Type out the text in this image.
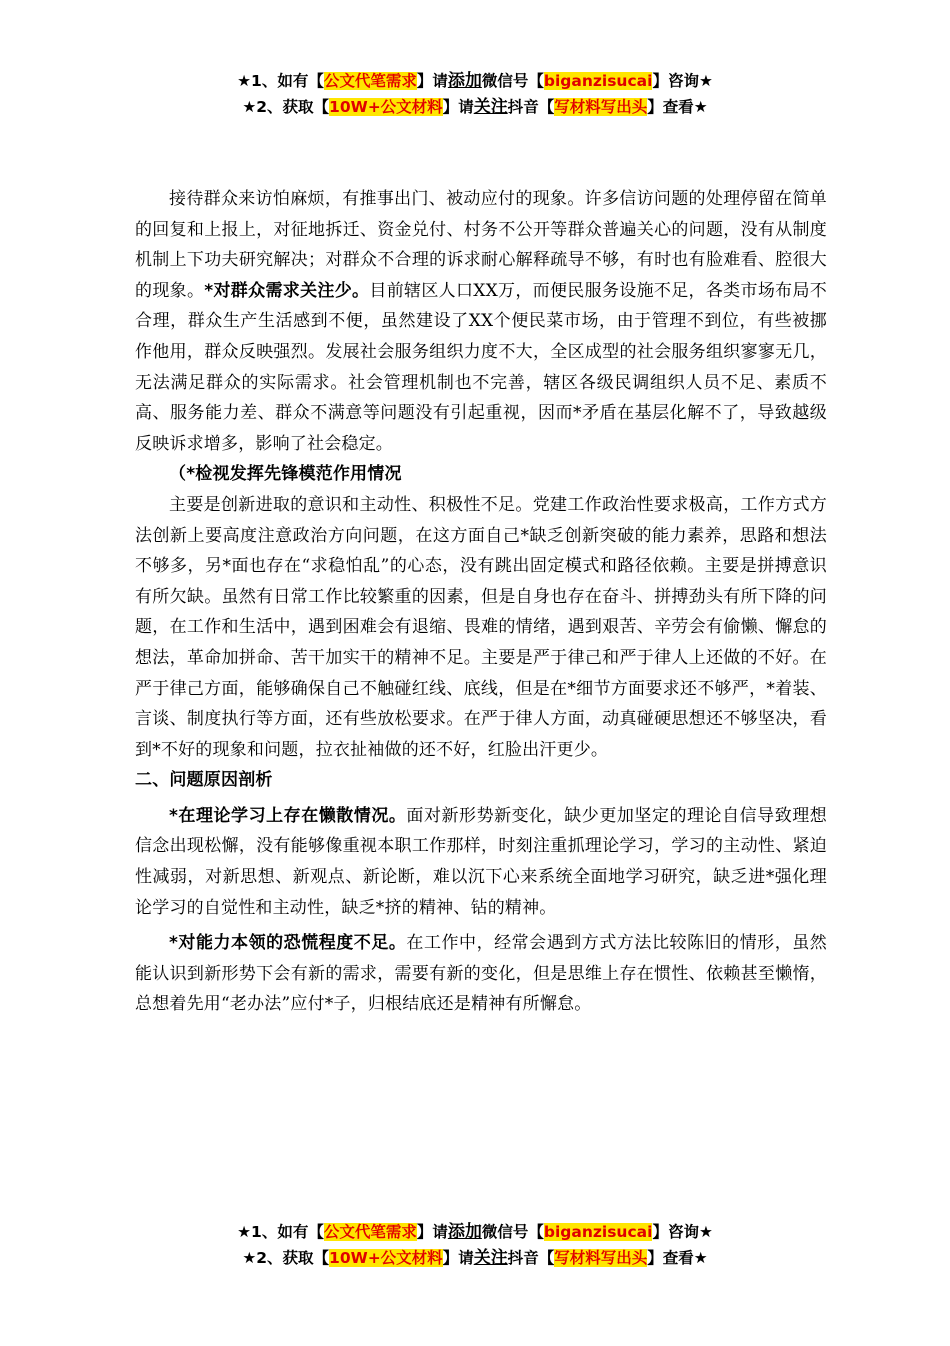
★1、如有【公文代笔需求】请添加微信号【biganzisucai】咨询★
★2、获取【10W+公文材料】请关注抖音【写材料写出头】查看★

接待群众来访怕麻烦，有推事出门、被动应付的现象。许多信访问题的处理停留在简单的回复和上报上，对征地拆迁、资金兑付、村务不公开等群众普遍关心的问题，没有从制度机制上下功夫研究解决；对群众不合理的诉求耐心解释疏导不够，有时也有脸难看、腔很大的现象。*对群众需求关注少。目前辖区人口XX万，而便民服务设施不足，各类市场布局不合理，群众生产生活感到不便，虽然建设了XX个便民菜市场，由于管理不到位，有些被挪作他用，群众反映强烈。发展社会服务组织力度不大，全区成型的社会服务组织寥寥无几，无法满足群众的实际需求。社会管理机制也不完善，辖区各级民调组织人员不足、素质不高、服务能力差、群众不满意等问题没有引起重视，因而*矛盾在基层化解不了，导致越级反映诉求增多，影响了社会稳定。

（*检视发挥先锋模范作用情况

主要是创新进取的意识和主动性、积极性不足。党建工作政治性要求极高，工作方式方法创新上要高度注意政治方向问题，在这方面自己*缺乏创新突破的能力素养，思路和想法不够多，另*面也存在“求稳怕乱”的心态，没有跳出固定模式和路径依赖。主要是拼搏意识有所欠缺。虽然有日常工作比较繁重的因素，但是自身也存在奋斗、拼搏劲头有所下降的问题，在工作和生活中，遇到困难会有退缩、畏难的情绪，遇到艰苦、辛劳会有偷懒、懈怠的想法，革命加拼命、苦干加实干的精神不足。主要是严于律己和严于律人上还做的不好。在严于律己方面，能够确保自己不触碰红线、底线，但是在*细节方面要求还不够严，*着装、言谈、制度执行等方面，还有些放松要求。在严于律人方面，动真碰硬思想还不够坚决，看到*不好的现象和问题，拉衣扯袖做的还不好，红脸出汗更少。

二、问题原因剖析

*在理论学习上存在懒散情况。面对新形势新变化，缺少更加坚定的理论自信导致理想信念出现松懈，没有能够像重视本职工作那样，时刻注重抓理论学习，学习的主动性、紧迫性减弱，对新思想、新观点、新论断，难以沉下心来系统全面地学习研究，缺乏进*强化理论学习的自觉性和主动性，缺乏*挤的精神、钻的精神。

*对能力本领的恐慌程度不足。在工作中，经常会遇到方式方法比较陈旧的情形，虽然能认识到新形势下会有新的需求，需要有新的变化，但是思维上存在惯性、依赖甚至懒惰，总想着先用“老办法”应付*子，归根结底还是精神有所懈怠。

★1、如有【公文代笔需求】请添加微信号【biganzisucai】咨询★
★2、获取【10W+公文材料】请关注抖音【写材料写出头】查看★
